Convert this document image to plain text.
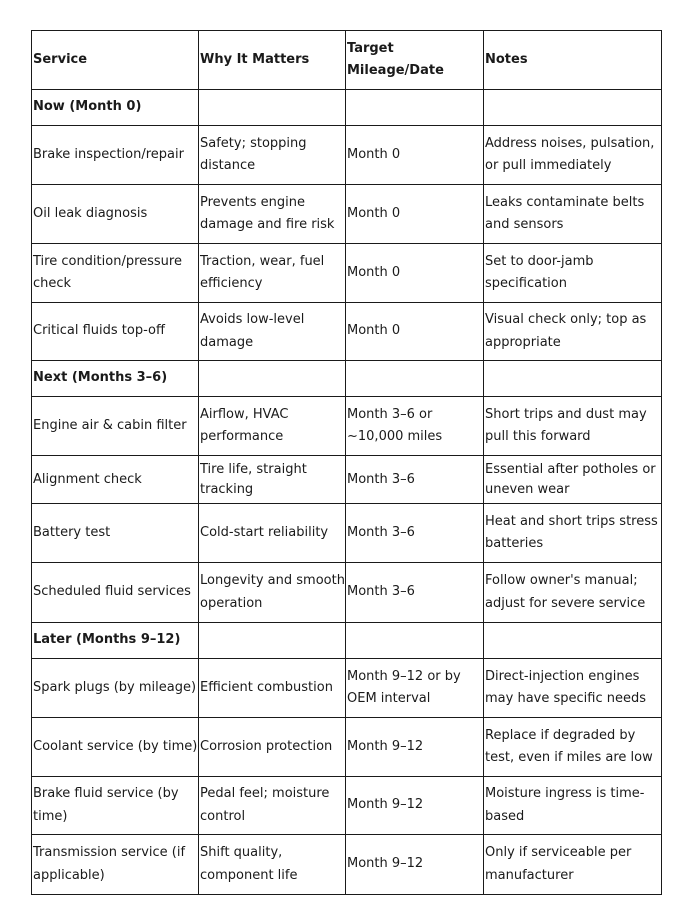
Service	Why It Matters	Target Mileage/Date	Notes
Now (Month 0)			
Brake inspection/repair	Safety; stopping distance	Month 0	Address noises, pulsation, or pull immediately
Oil leak diagnosis	Prevents engine damage and fire risk	Month 0	Leaks contaminate belts and sensors
Tire condition/pressure check	Traction, wear, fuel efficiency	Month 0	Set to door-jamb specification
Critical fluids top-off	Avoids low-level damage	Month 0	Visual check only; top as appropriate
Next (Months 3–6)			
Engine air & cabin filter	Airflow, HVAC performance	Month 3–6 or ~10,000 miles	Short trips and dust may pull this forward
Alignment check	Tire life, straight tracking	Month 3–6	Essential after potholes or uneven wear
Battery test	Cold-start reliability	Month 3–6	Heat and short trips stress batteries
Scheduled fluid services	Longevity and smooth operation	Month 3–6	Follow owner's manual; adjust for severe service
Later (Months 9–12)			
Spark plugs (by mileage)	Efficient combustion	Month 9–12 or by OEM interval	Direct-injection engines may have specific needs
Coolant service (by time)	Corrosion protection	Month 9–12	Replace if degraded by test, even if miles are low
Brake fluid service (by time)	Pedal feel; moisture control	Month 9–12	Moisture ingress is time-based
Transmission service (if applicable)	Shift quality, component life	Month 9–12	Only if serviceable per manufacturer
